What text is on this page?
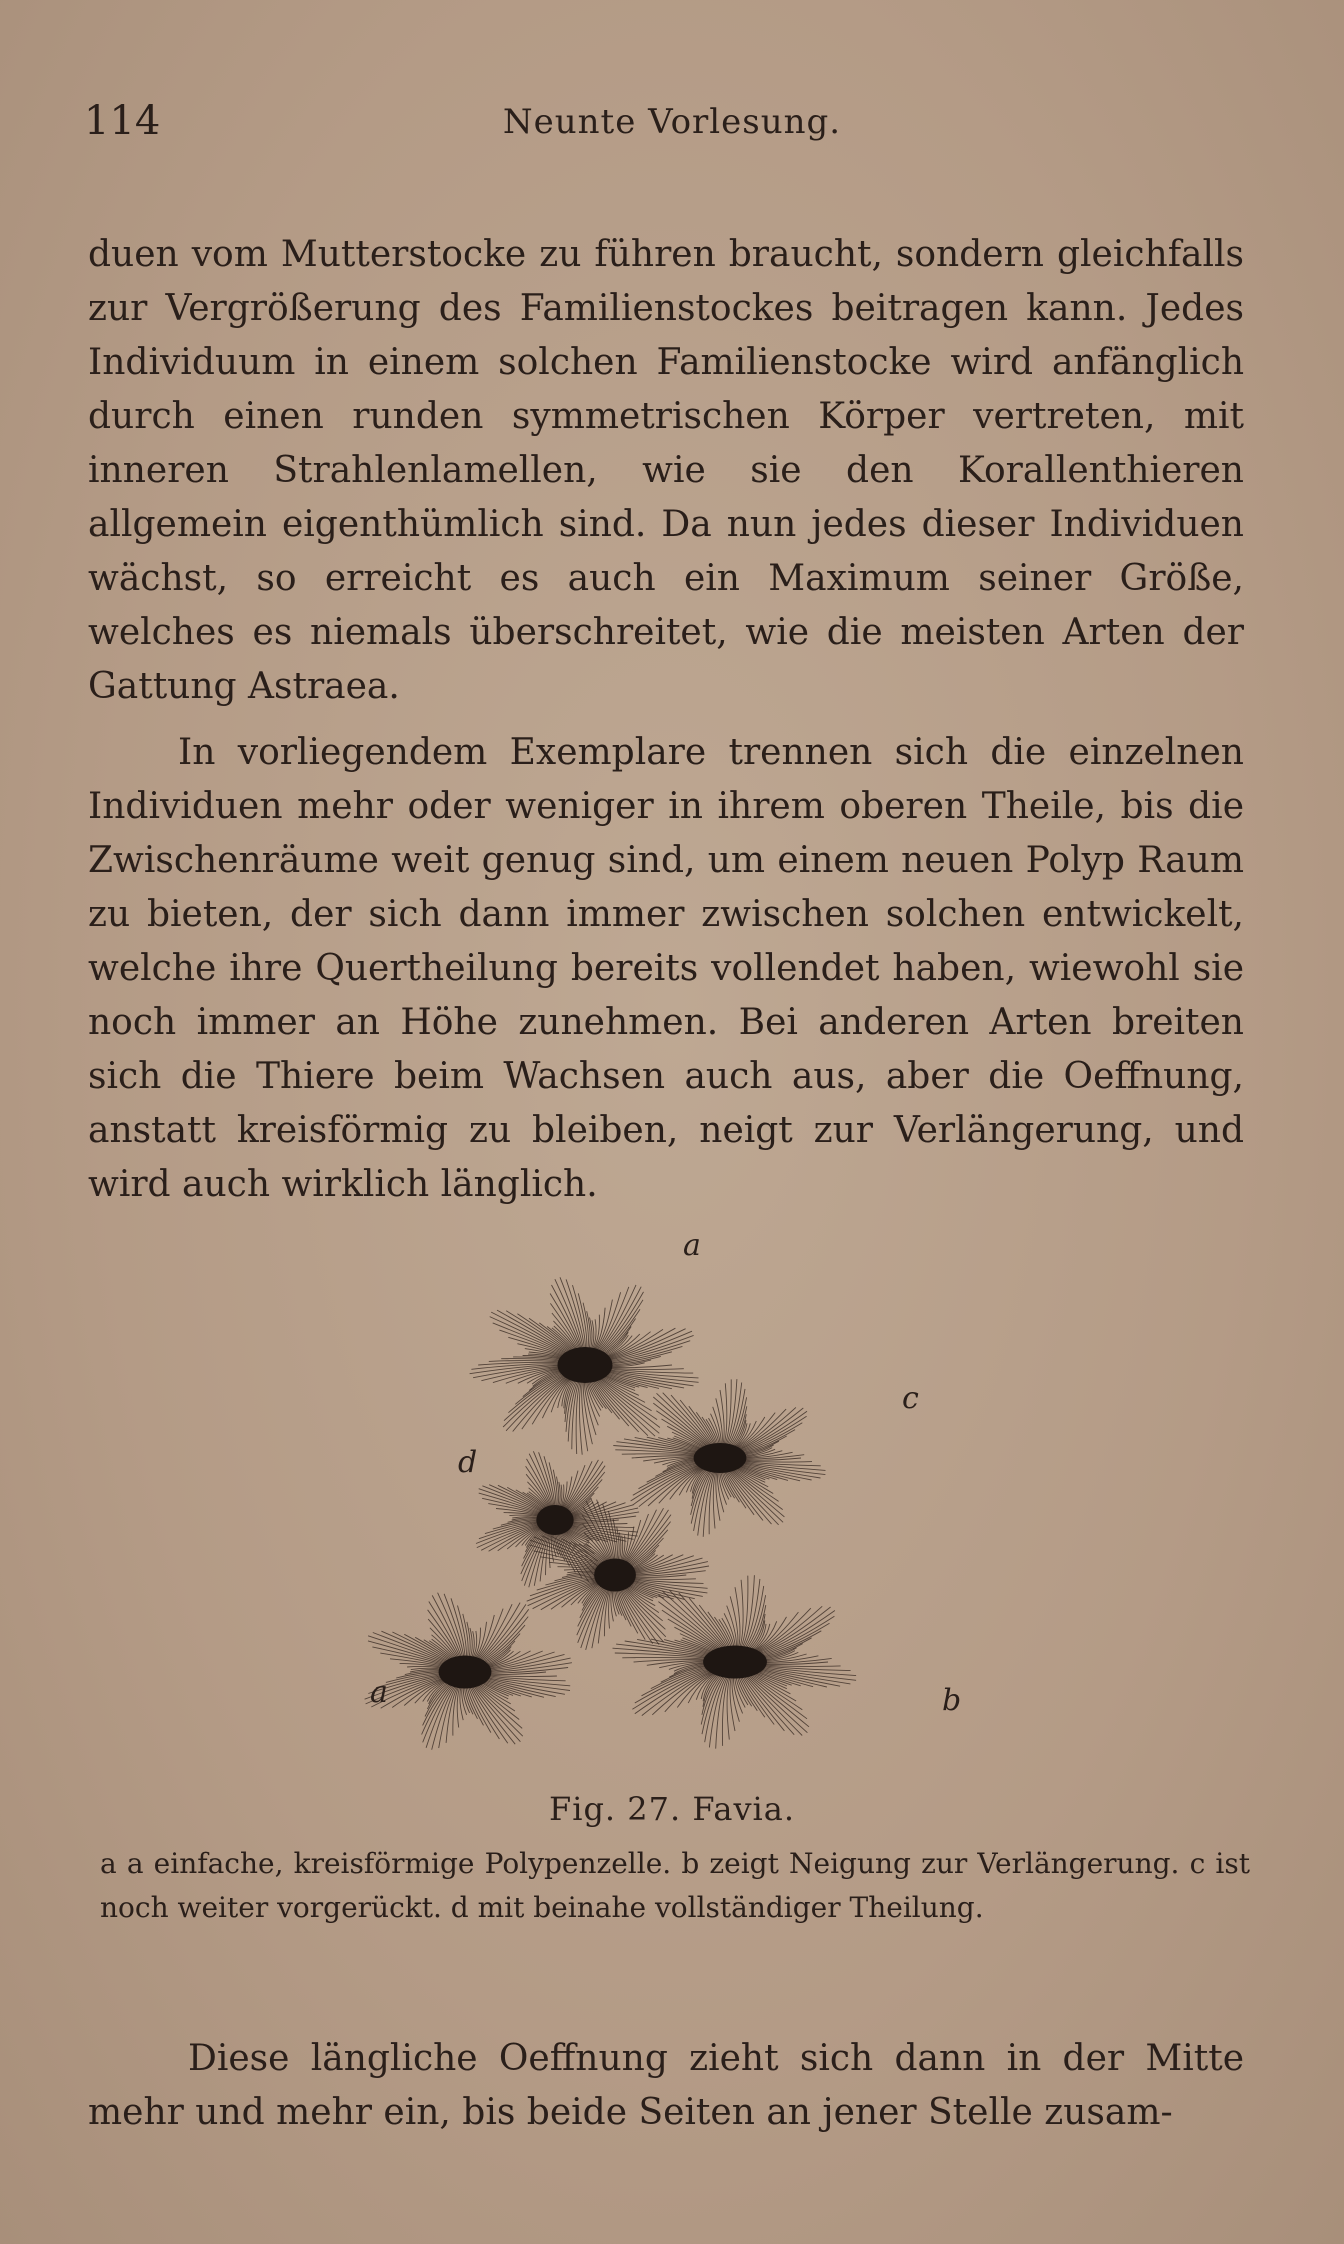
114	Neunte Vorlesung.

duen vom Mutterstocke zu führen braucht, sondern gleichfalls zur Vergrößerung des Familienstockes beitragen kann. Jedes Individuum in einem solchen Familienstocke wird anfänglich durch einen runden symmetrischen Körper vertreten, mit inneren Strahlenlamellen, wie sie den Korallenthieren allgemein eigenthümlich sind. Da nun jedes dieser Individuen wächst, so erreicht es auch ein Maximum seiner Größe, welches es niemals überschreitet, wie die meisten Arten der Gattung Astraea.

In vorliegendem Exemplare trennen sich die einzelnen Individuen mehr oder weniger in ihrem oberen Theile, bis die Zwischenräume weit genug sind, um einem neuen Polyp Raum zu bieten, der sich dann immer zwischen solchen entwickelt, welche ihre Quertheilung bereits vollendet haben, wiewohl sie noch immer an Höhe zunehmen. Bei anderen Arten breiten sich die Thiere beim Wachsen auch aus, aber die Oeffnung, anstatt kreisförmig zu bleiben, neigt zur Verlängerung, und wird auch wirklich länglich.

a
d
c
a	b
Fig. 27. Favia.
a a einfache, kreisförmige Polypenzelle. b zeigt Neigung zur Verlängerung. c ist noch weiter vorgerückt. d mit beinahe vollständiger Theilung.

Diese längliche Oeffnung zieht sich dann in der Mitte mehr und mehr ein, bis beide Seiten an jener Stelle zusam-
